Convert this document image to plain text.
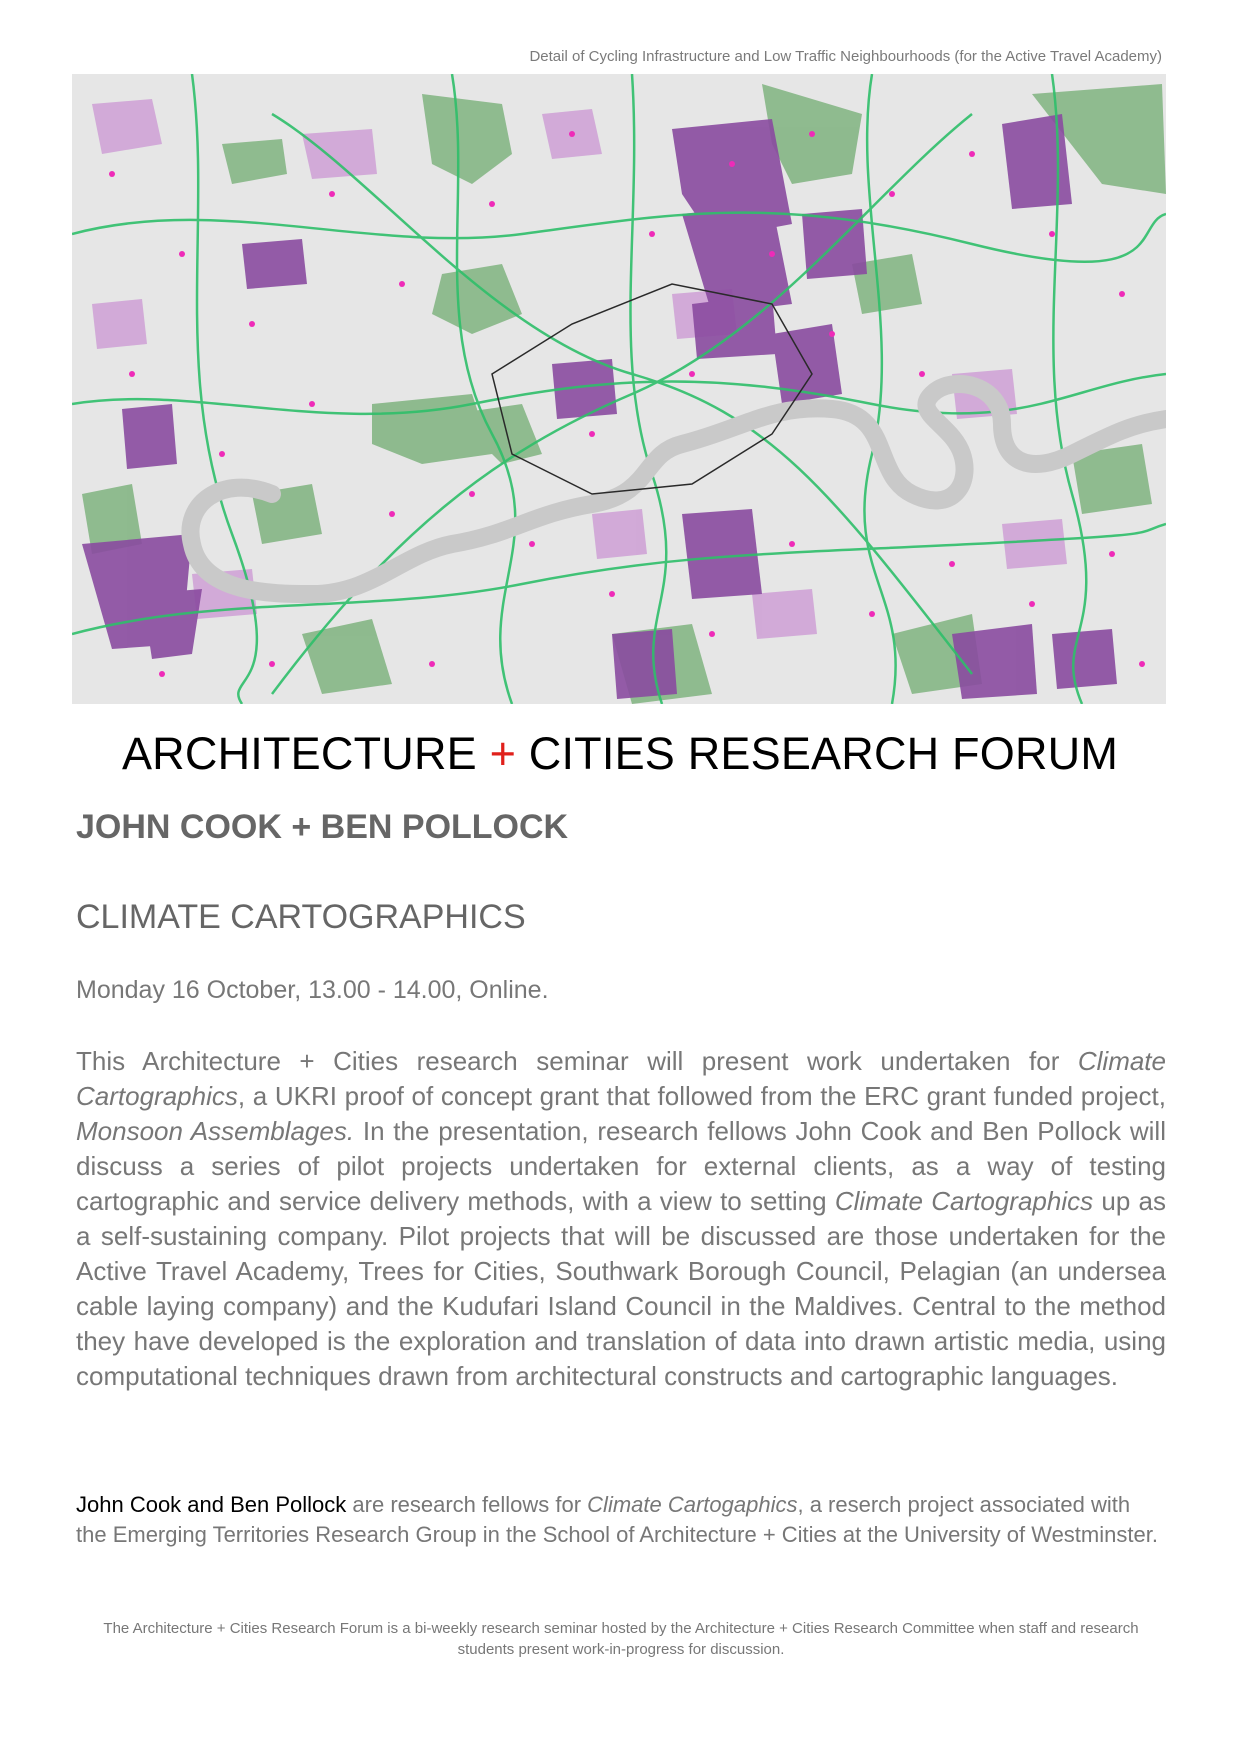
Detail of Cycling Infrastructure and Low Traffic Neighbourhoods (for the Active Travel Academy)
ARCHITECTURE + CITIES RESEARCH FORUM
JOHN COOK + BEN POLLOCK
CLIMATE CARTOGRAPHICS
Monday 16 October, 13.00 - 14.00, Online.
This Architecture + Cities research seminar will present work undertaken for Climate Cartographics, a UKRI proof of concept grant that followed from the ERC grant funded project, Monsoon Assemblages. In the presentation, research fellows John Cook and Ben Pollock will discuss a series of pilot projects undertaken for external clients, as a way of testing cartographic and service delivery methods, with a view to setting Climate Cartographics up as a self-sustaining company. Pilot projects that will be discussed are those undertaken for the Active Travel Academy, Trees for Cities, Southwark Borough Council, Pelagian (an undersea cable laying company) and the Kudufari Island Council in the Maldives. Central to the method they have developed is the exploration and translation of data into drawn artistic media, using computational techniques drawn from architectural constructs and cartographic languages.
John Cook and Ben Pollock are research fellows for Climate Cartogaphics, a reserch project associated with the Emerging Territories Research Group in the School of Architecture + Cities at the University of Westminster.
The Architecture + Cities Research Forum is a bi-weekly research seminar hosted by the Architecture + Cities Research Committee when staff and research students present work-in-progress for discussion.
